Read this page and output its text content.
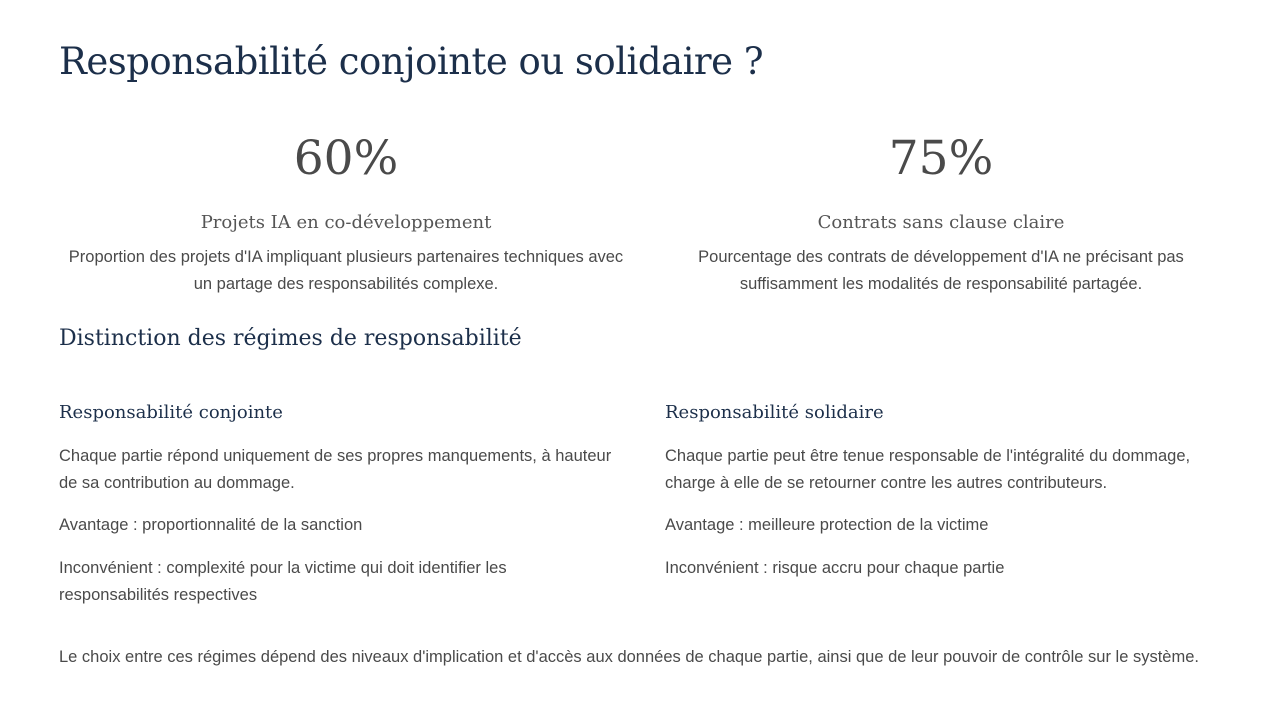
Responsabilité conjointe ou solidaire ?
60%
Projets IA en co-développement
Proportion des projets d'IA impliquant plusieurs partenaires techniques avec un partage des responsabilités complexe.
75%
Contrats sans clause claire
Pourcentage des contrats de développement d'IA ne précisant pas suffisamment les modalités de responsabilité partagée.
Distinction des régimes de responsabilité
Responsabilité conjointe

Chaque partie répond uniquement de ses propres manquements, à hauteur de sa contribution au dommage.

Avantage : proportionnalité de la sanction

Inconvénient : complexité pour la victime qui doit identifier les responsabilités respectives

Responsabilité solidaire

Chaque partie peut être tenue responsable de l'intégralité du dommage, charge à elle de se retourner contre les autres contributeurs.

Avantage : meilleure protection de la victime

Inconvénient : risque accru pour chaque partie

Le choix entre ces régimes dépend des niveaux d'implication et d'accès aux données de chaque partie, ainsi que de leur pouvoir de contrôle sur le système.
